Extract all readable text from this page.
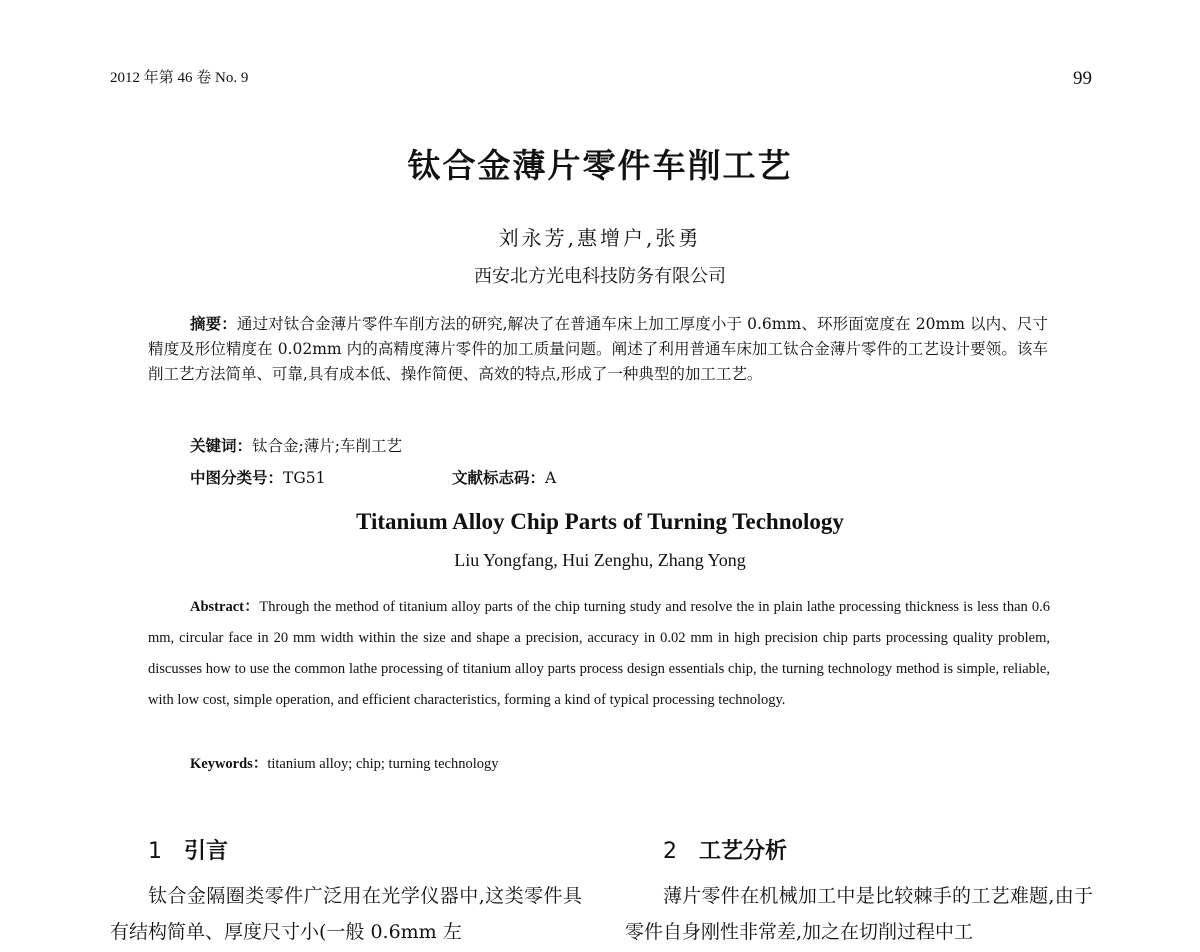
2012 年第 46 卷 No. 9	99
钛合金薄片零件车削工艺
刘永芳,惠增户,张勇
西安北方光电科技防务有限公司
摘要：通过对钛合金薄片零件车削方法的研究,解决了在普通车床上加工厚度小于 0.6mm、环形面宽度在 20mm 以内、尺寸精度及形位精度在 0.02mm 内的高精度薄片零件的加工质量问题。阐述了利用普通车床加工钛合金薄片零件的工艺设计要领。该车削工艺方法简单、可靠,具有成本低、操作简便、高效的特点,形成了一种典型的加工工艺。
关键词：钛合金;薄片;车削工艺
中图分类号：TG51	文献标志码：A
Titanium Alloy Chip Parts of Turning Technology
Liu Yongfang, Hui Zenghu, Zhang Yong
Abstract：Through the method of titanium alloy parts of the chip turning study and resolve the in plain lathe processing thickness is less than 0.6 mm, circular face in 20 mm width within the size and shape a precision, accuracy in 0.02 mm in high precision chip parts processing quality problem, discusses how to use the common lathe processing of titanium alloy parts process design essentials chip, the turning technology method is simple, reliable, with low cost, simple operation, and efficient characteristics, forming a kind of typical processing technology.
Keywords：titanium alloy; chip; turning technology
1 引言	2 工艺分析
钛合金隔圈类零件广泛用在光学仪器中,这类零件具有结构简单、厚度尺寸小(一般 0.6mm 左
薄片零件在机械加工中是比较棘手的工艺难题,由于零件自身刚性非常差,加之在切削过程中工
